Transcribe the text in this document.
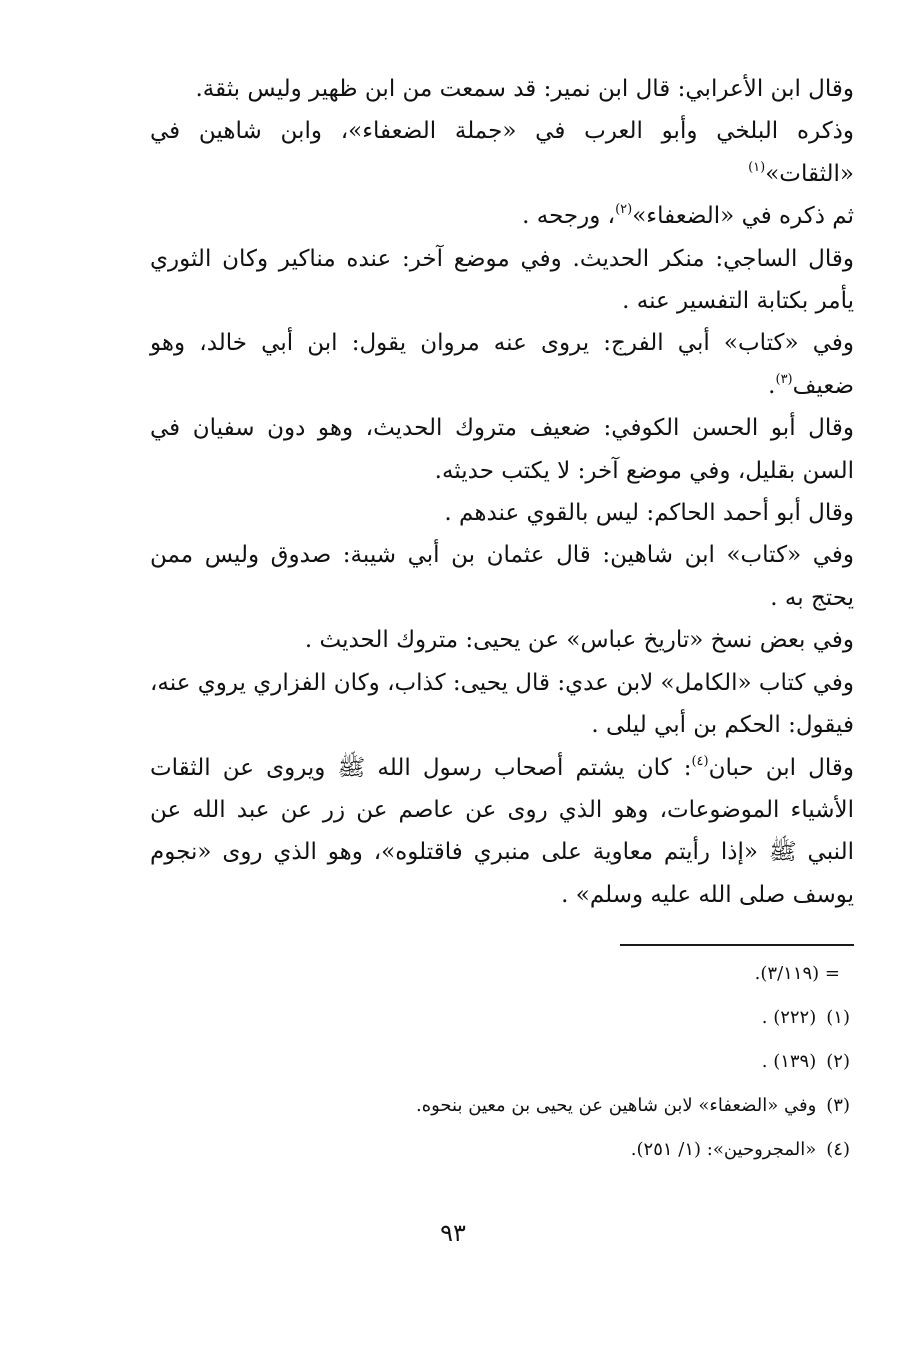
وقال ابن الأعرابي: قال ابن نمير: قد سمعت من ابن ظهير وليس بثقة.

وذكره البلخي وأبو العرب في «جملة الضعفاء»، وابن شاهين في «الثقات»$^{(١)}$

ثم ذكره في «الضعفاء»$^{(٢)}$، ورجحه .

وقال الساجي: منكر الحديث. وفي موضع آخر: عنده مناكير وكان الثوري يأمر بكتابة التفسير عنه .

وفي «كتاب» أبي الفرج: يروى عنه مروان يقول: ابن أبي خالد، وهو ضعيف$^{(٣)}$.

وقال أبو الحسن الكوفي: ضعيف متروك الحديث، وهو دون سفيان في السن بقليل، وفي موضع آخر: لا يكتب حديثه.

وقال أبو أحمد الحاكم: ليس بالقوي عندهم .

وفي «كتاب» ابن شاهين: قال عثمان بن أبي شيبة: صدوق وليس ممن يحتج به .

وفي بعض نسخ «تاريخ عباس» عن يحيى: متروك الحديث .

وفي كتاب «الكامل» لابن عدي: قال يحيى: كذاب، وكان الفزاري يروي عنه، فيقول: الحكم بن أبي ليلى .

وقال ابن حبان$^{(٤)}$: كان يشتم أصحاب رسول الله ﷺ ويروى عن الثقات الأشياء الموضوعات، وهو الذي روى عن عاصم عن زر عن عبد الله عن النبي ﷺ «إذا رأيتم معاوية على منبري فاقتلوه»، وهو الذي روى «نجوم يوسف صلى الله عليه وسلم» .

= (٣/١١٩).

(١)(٢٢٢) .

(٢)(١٣٩) .

(٣)وفي «الضعفاء» لابن شاهين عن يحيى بن معين بنحوه.

(٤)«المجروحين»: (١/ ٢٥١).

٩٣
